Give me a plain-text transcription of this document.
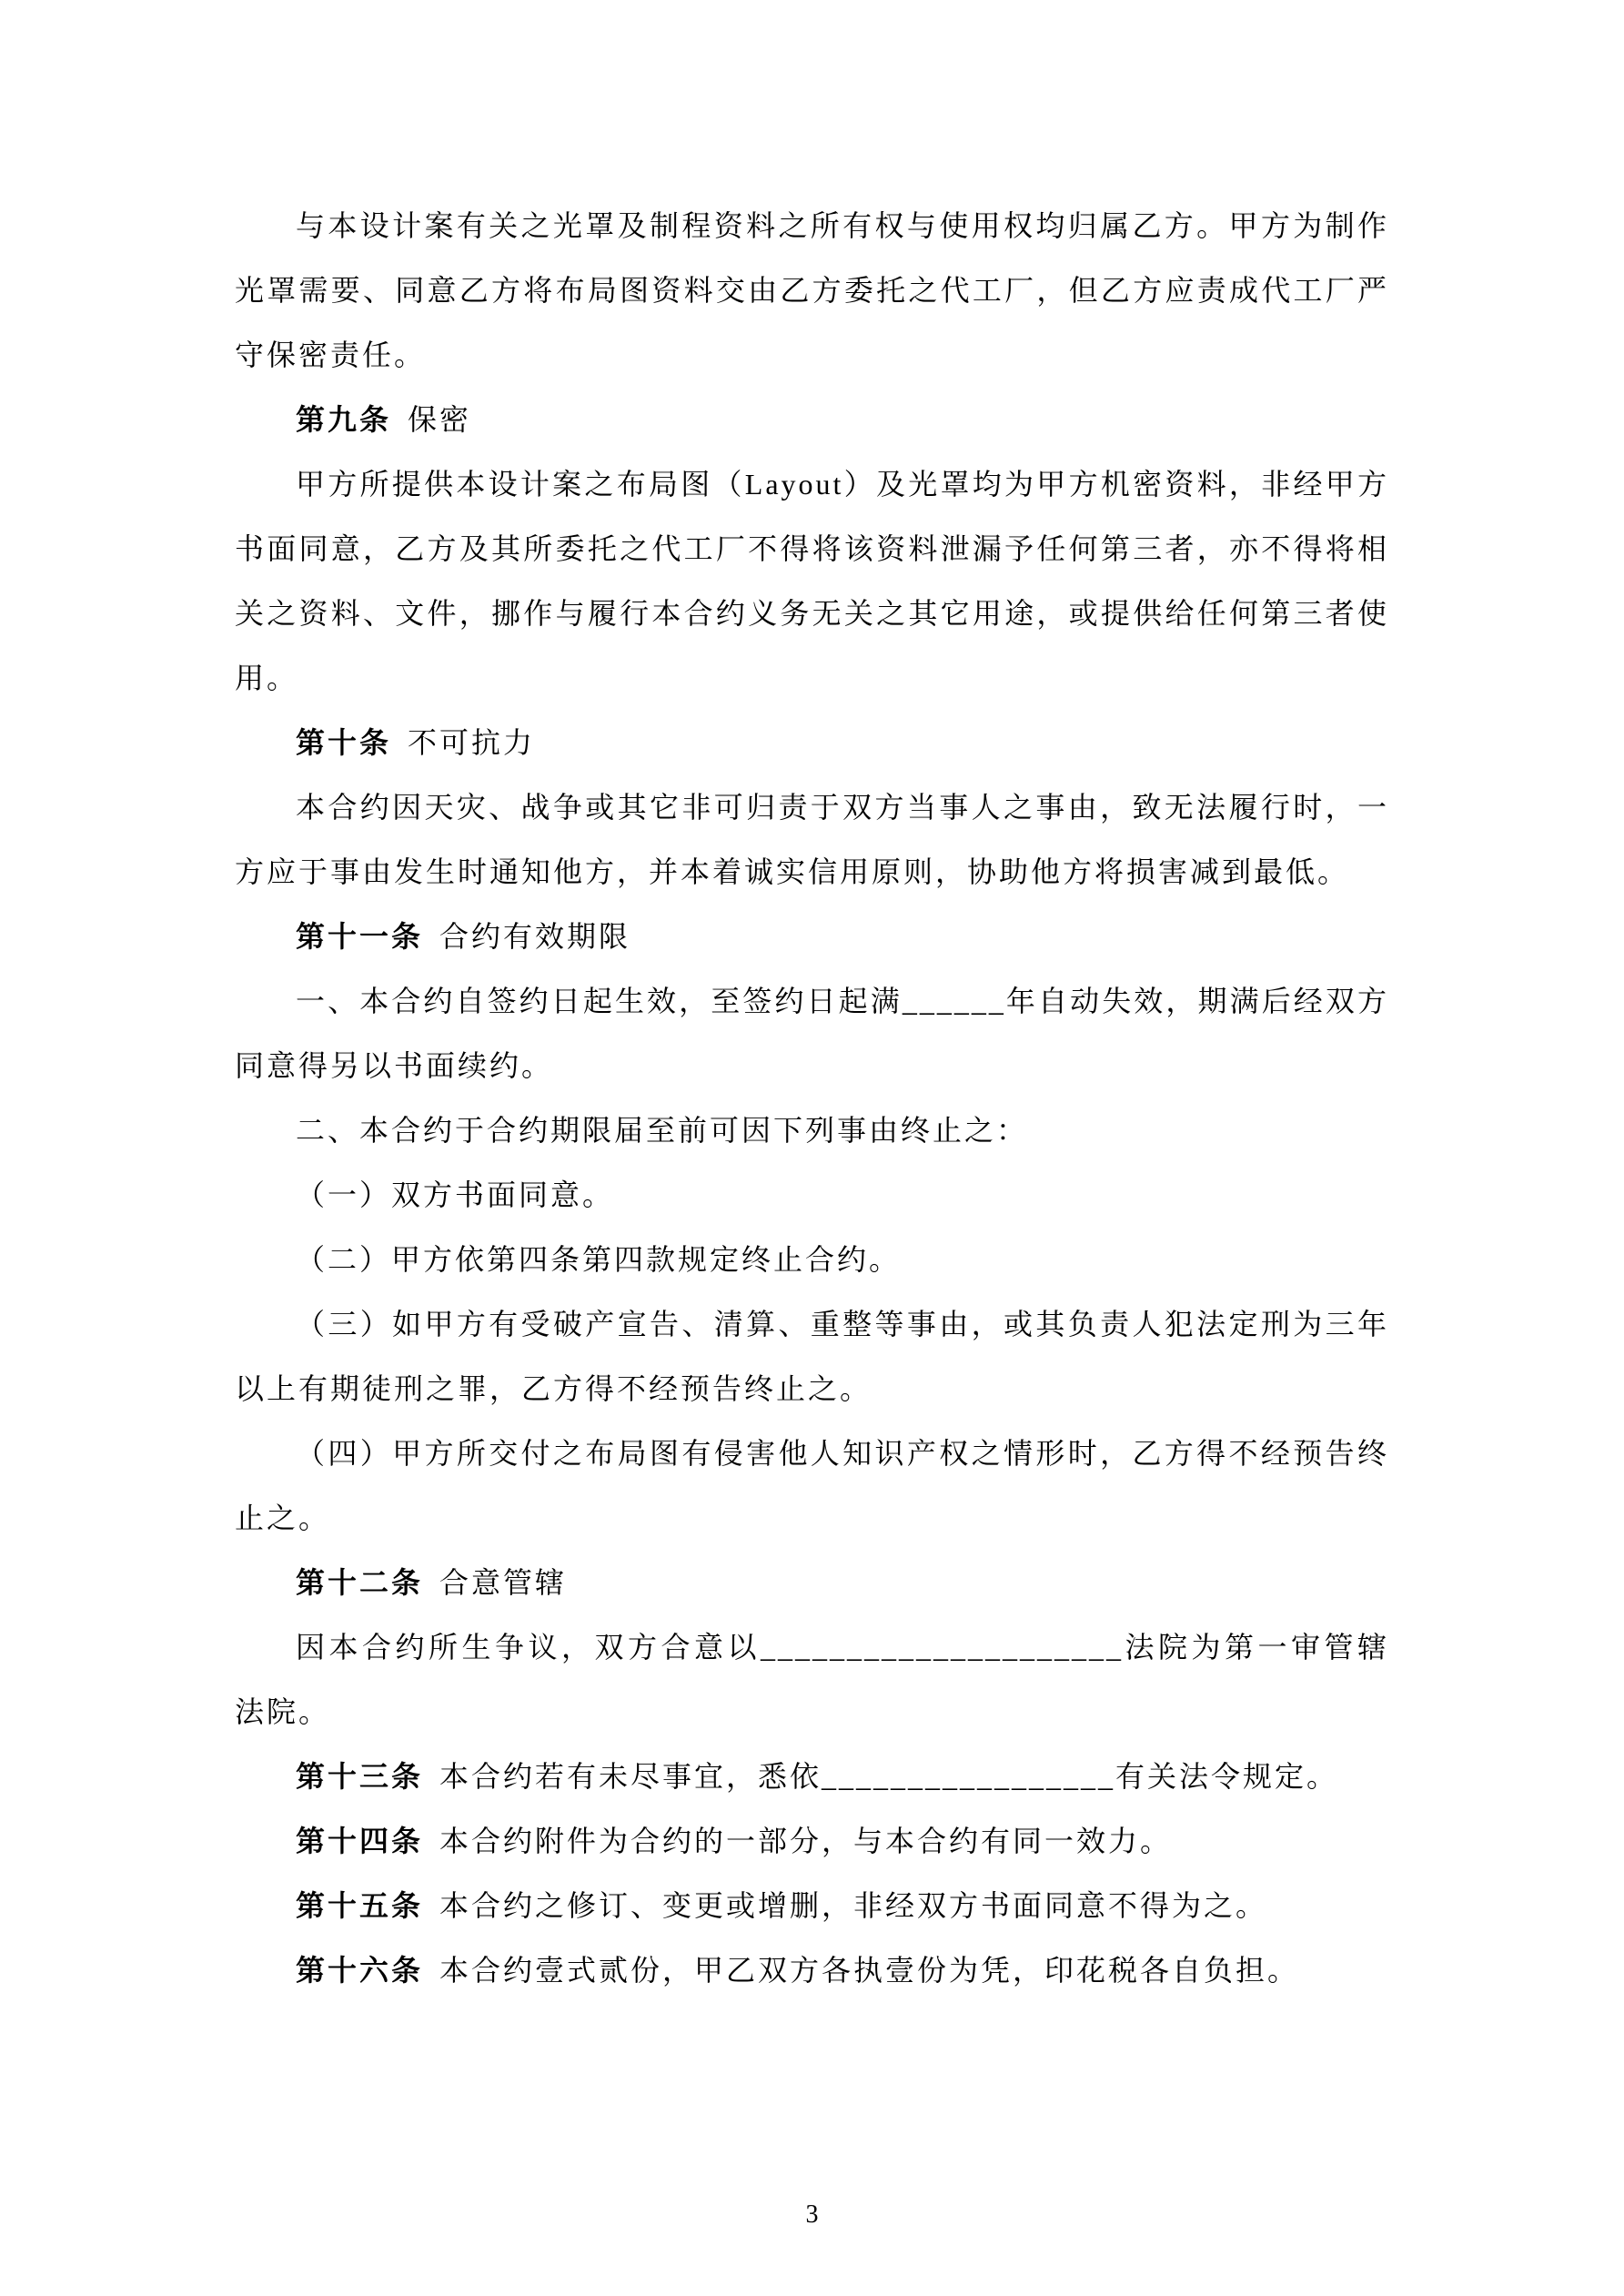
与本设计案有关之光罩及制程资料之所有权与使用权均归属乙方。甲方为制作光罩需要、同意乙方将布局图资料交由乙方委托之代工厂，但乙方应责成代工厂严守保密责任。

第九条 保密

甲方所提供本设计案之布局图（Layout）及光罩均为甲方机密资料，非经甲方书面同意，乙方及其所委托之代工厂不得将该资料泄漏予任何第三者，亦不得将相关之资料、文件，挪作与履行本合约义务无关之其它用途，或提供给任何第三者使用。

第十条 不可抗力

本合约因天灾、战争或其它非可归责于双方当事人之事由，致无法履行时，一方应于事由发生时通知他方，并本着诚实信用原则，协助他方将损害减到最低。

第十一条 合约有效期限

一、本合约自签约日起生效，至签约日起满______年自动失效，期满后经双方同意得另以书面续约。

二、本合约于合约期限届至前可因下列事由终止之：

（一）双方书面同意。

（二）甲方依第四条第四款规定终止合约。

（三）如甲方有受破产宣告、清算、重整等事由，或其负责人犯法定刑为三年以上有期徒刑之罪，乙方得不经预告终止之。

（四）甲方所交付之布局图有侵害他人知识产权之情形时，乙方得不经预告终止之。

第十二条 合意管辖

因本合约所生争议，双方合意以_____________________法院为第一审管辖法院。

第十三条 本合约若有未尽事宜，悉依_________________有关法令规定。

第十四条 本合约附件为合约的一部分，与本合约有同一效力。

第十五条 本合约之修订、变更或增删，非经双方书面同意不得为之。

第十六条 本合约壹式贰份，甲乙双方各执壹份为凭，印花税各自负担。

3
